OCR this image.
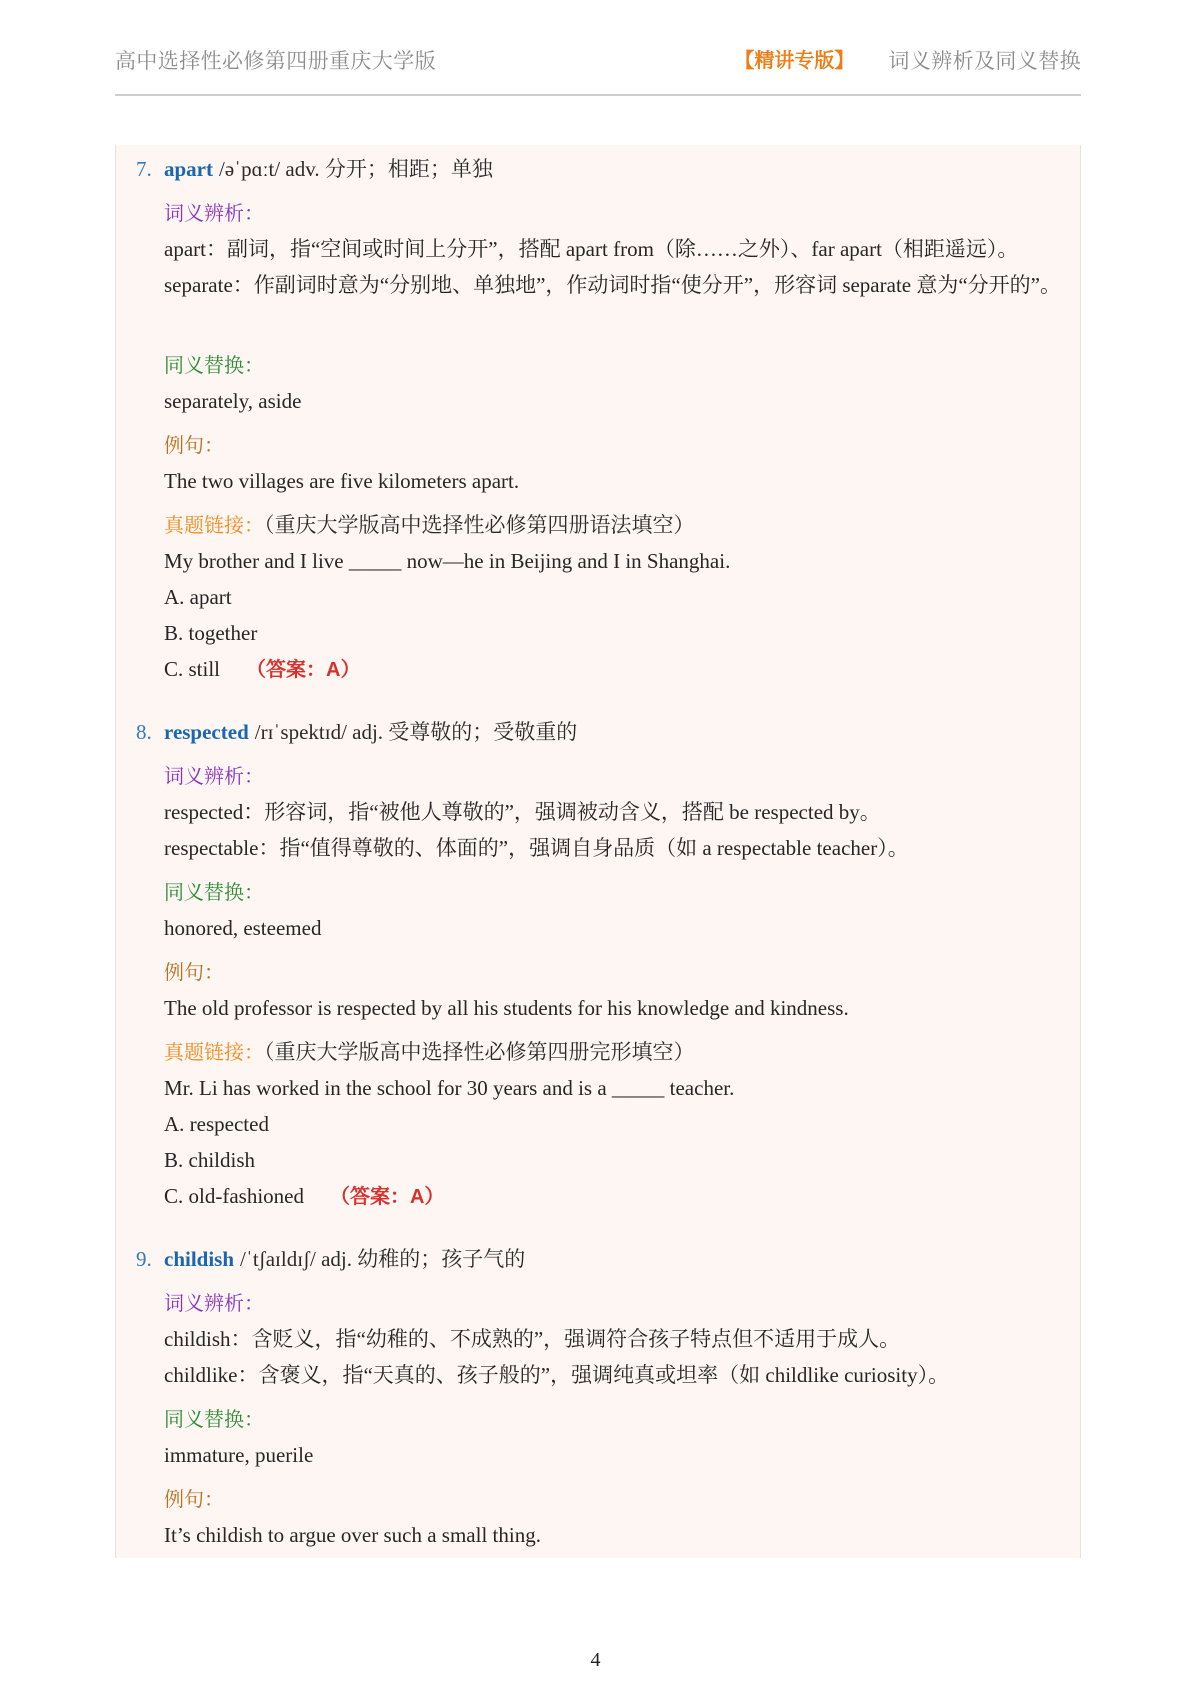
高中选择性必修第四册重庆大学版	【精讲专版】 词义辨析及同义替换
7. apart /əˈpɑːt/ adv. 分开；相距；单独
词义辨析：

apart：副词，指“空间或时间上分开”，搭配 apart from（除……之外）、far apart（相距遥远）。

separate：作副词时意为“分别地、单独地”，作动词时指“使分开”，形容词 separate 意为“分开的”。

同义替换：

separately, aside

例句：

The two villages are five kilometers apart.

真题链接：（重庆大学版高中选择性必修第四册语法填空）

My brother and I live _____ now—he in Beijing and I in Shanghai.

A. apart

B. together

C. still （答案：A）

8. respected /rɪˈspektɪd/ adj. 受尊敬的；受敬重的
词义辨析：

respected：形容词，指“被他人尊敬的”，强调被动含义，搭配 be respected by。

respectable：指“值得尊敬的、体面的”，强调自身品质（如 a respectable teacher）。

同义替换：

honored, esteemed

例句：

The old professor is respected by all his students for his knowledge and kindness.

真题链接：（重庆大学版高中选择性必修第四册完形填空）

Mr. Li has worked in the school for 30 years and is a _____ teacher.

A. respected

B. childish

C. old-fashioned （答案：A）

9. childish /ˈtʃaɪldɪʃ/ adj. 幼稚的；孩子气的
词义辨析：

childish：含贬义，指“幼稚的、不成熟的”，强调符合孩子特点但不适用于成人。

childlike：含褒义，指“天真的、孩子般的”，强调纯真或坦率（如 childlike curiosity）。

同义替换：

immature, puerile

例句：

It’s childish to argue over such a small thing.

4
